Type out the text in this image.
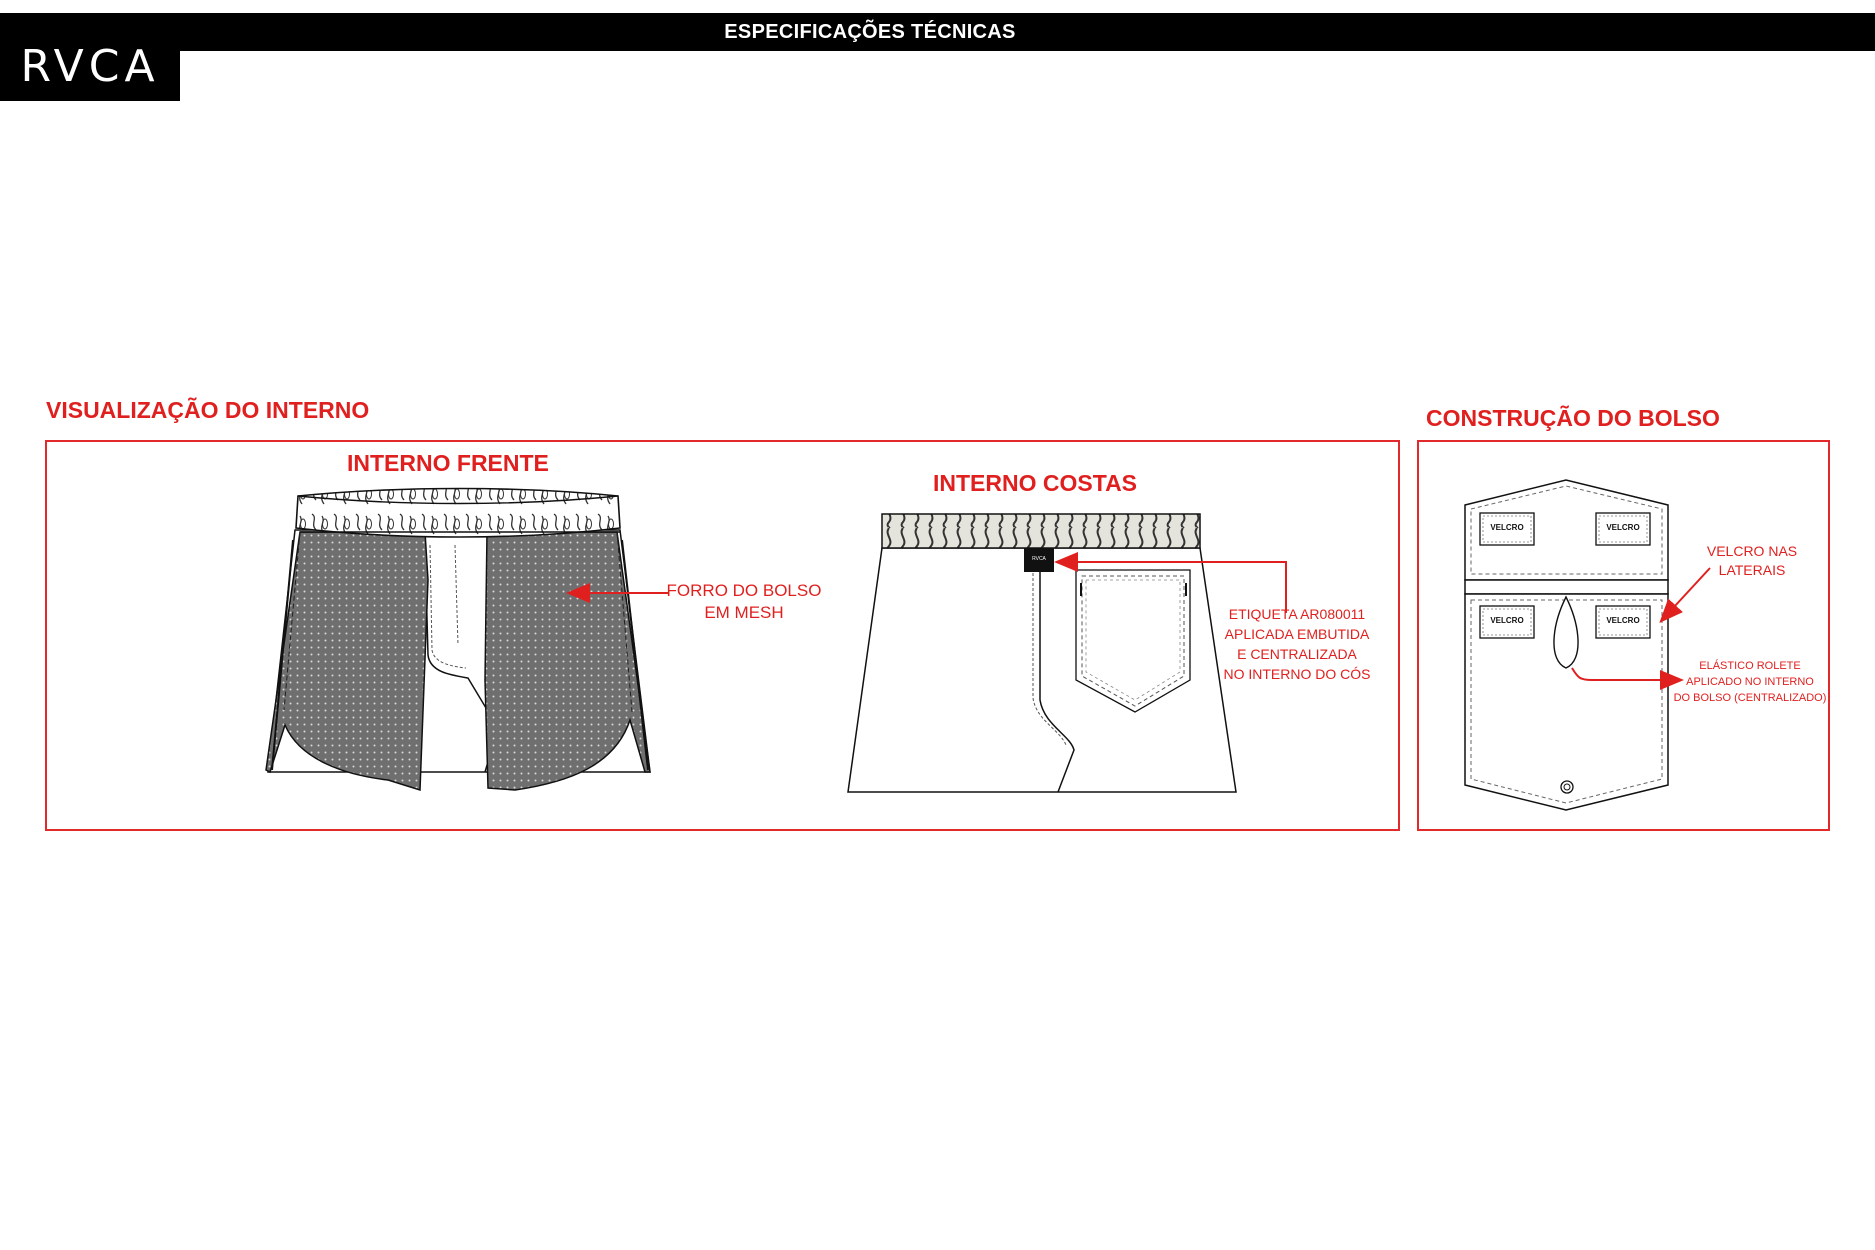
ESPECIFICAÇÕES TÉCNICAS
RVCA
VISUALIZAÇÃO DO INTERNO	CONSTRUÇÃO DO BOLSO
INTERNO FRENTE
INTERNO COSTAS
RVCA
VELCRO	VELCRO
VELCRO	VELCRO
FORRO DO BOLSO
EM MESH	ETIQUETA AR080011
APLICADA EMBUTIDA
E CENTRALIZADA
NO INTERNO DO CÓS
VELCRO NAS
LATERAIS
ELÁSTICO ROLETE
APLICADO NO INTERNO
DO BOLSO (CENTRALIZADO)
